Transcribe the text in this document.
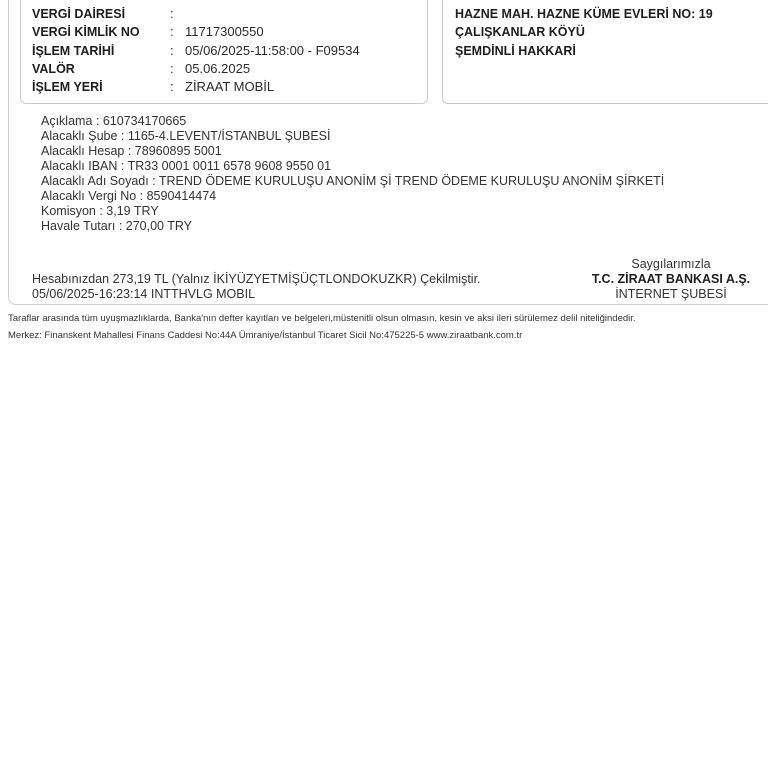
VERGİ DAİRESİ	:
VERGİ KİMLİK NO : 11717300550
İŞLEM TARİHİ	: 05/06/2025-11:58:00 - F09534
VALÖR	: 05.06.2025
İŞLEM YERİ	: ZİRAAT MOBİL
HAZNE MAH. HAZNE KÜME EVLERİ NO: 19
ÇALIŞKANLAR KÖYÜ
ŞEMDİNLİ HAKKARİ
Açıklama : 610734170665
Alacaklı Şube : 1165-4.LEVENT/İSTANBUL ŞUBESİ
Alacaklı Hesap : 78960895 5001
Alacaklı IBAN : TR33 0001 0011 6578 9608 9550 01
Alacaklı Adı Soyadı : TREND ÖDEME KURULUŞU ANONİM Şİ TREND ÖDEME KURULUŞU ANONİM ŞİRKETİ
Alacaklı Vergi No : 8590414474
Komisyon : 3,19 TRY
Havale Tutarı : 270,00 TRY
Hesabınızdan 273,19 TL (Yalnız İKİYÜZYETMİŞÜÇTLONDOKUZKR) Çekilmiştir.
05/06/2025-16:23:14 INTTHVLG MOBIL
Saygılarımızla
T.C. ZİRAAT BANKASI A.Ş.
İNTERNET ŞUBESİ
Taraflar arasında tüm uyuşmazlıklarda, Banka'nın defter kayıtları ve belgeleri,müstenitli olsun olmasın, kesin ve aksi ileri sürülemez delil niteliğindedir.
Merkez: Finanskent Mahallesi Finans Caddesi No:44A Ümraniye/İstanbul Ticaret Sicil No:475225-5 www.ziraatbank.com.tr
